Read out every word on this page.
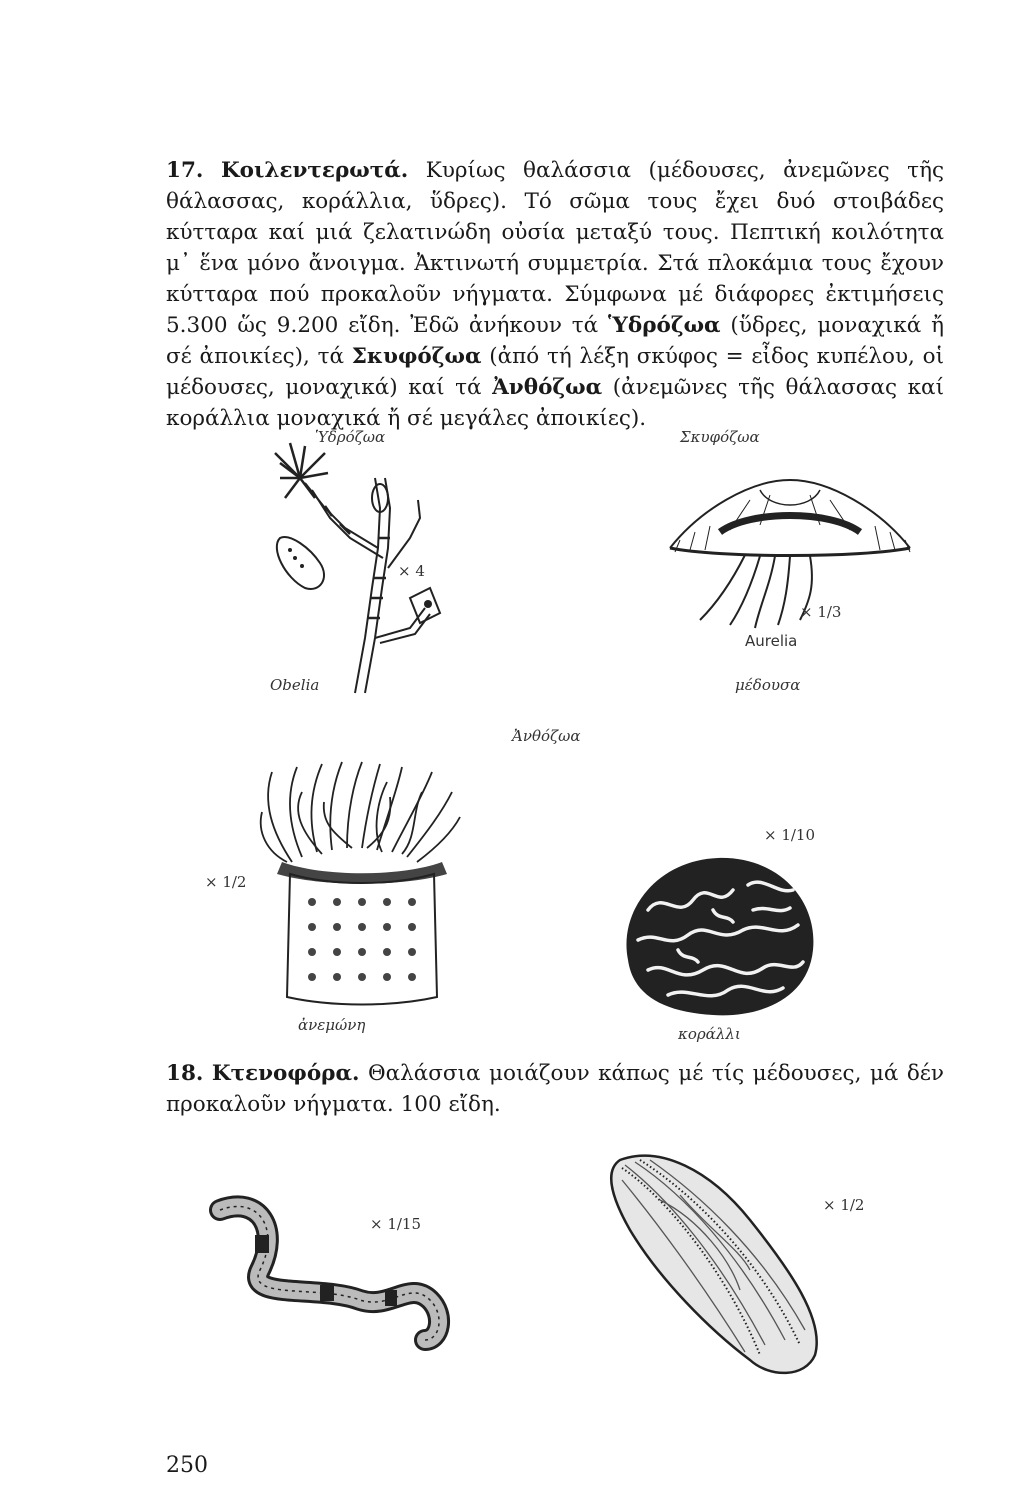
17. Κοιλεντερωτά. Κυρίως θαλάσσια (μέδουσες, ἀνεμῶνες τῆς θάλασσας, κοράλλια, ὕδρες). Τό σῶμα τους ἔχει δυό στοιβάδες κύτταρα καί μιά ζελατινώδη οὐσία μεταξύ τους. Πεπτική κοιλότητα μ᾽ ἕνα μόνο ἄνοιγμα. Ἀκτινωτή συμμετρία. Στά πλοκάμια τους ἔχουν κύτταρα πού προκαλοῦν νήγματα. Σύμφωνα μέ διάφορες ἐκτιμήσεις 5.300 ὥς 9.200 εἴδη. Ἐδῶ ἀνήκουν τά Ὑδρόζωα (ὕδρες, μοναχικά ἤ σέ ἀποικίες), τά Σκυφόζωα (ἀπό τή λέξη σκύφος = εἶδος κυπέλου, οἱ μέδουσες, μοναχικά) καί τά Ἀνθόζωα (ἀνεμῶνες τῆς θάλασσας καί κοράλλια μοναχικά ἤ σέ μεγάλες ἀποικίες).
Ὑδρόζωα	Σκυφόζωα
× 4
Obelia
× 1/3
Aurelia
μέδουσα
Ἀνθόζωα
× 1/2
ἀνεμώνη
× 1/10
κοράλλι
18. Κτενοφόρα. Θαλάσσια μοιάζουν κάπως μέ τίς μέδουσες, μά δέν προκαλοῦν νήγματα. 100 εἴδη.
× 1/15
× 1/2
250
